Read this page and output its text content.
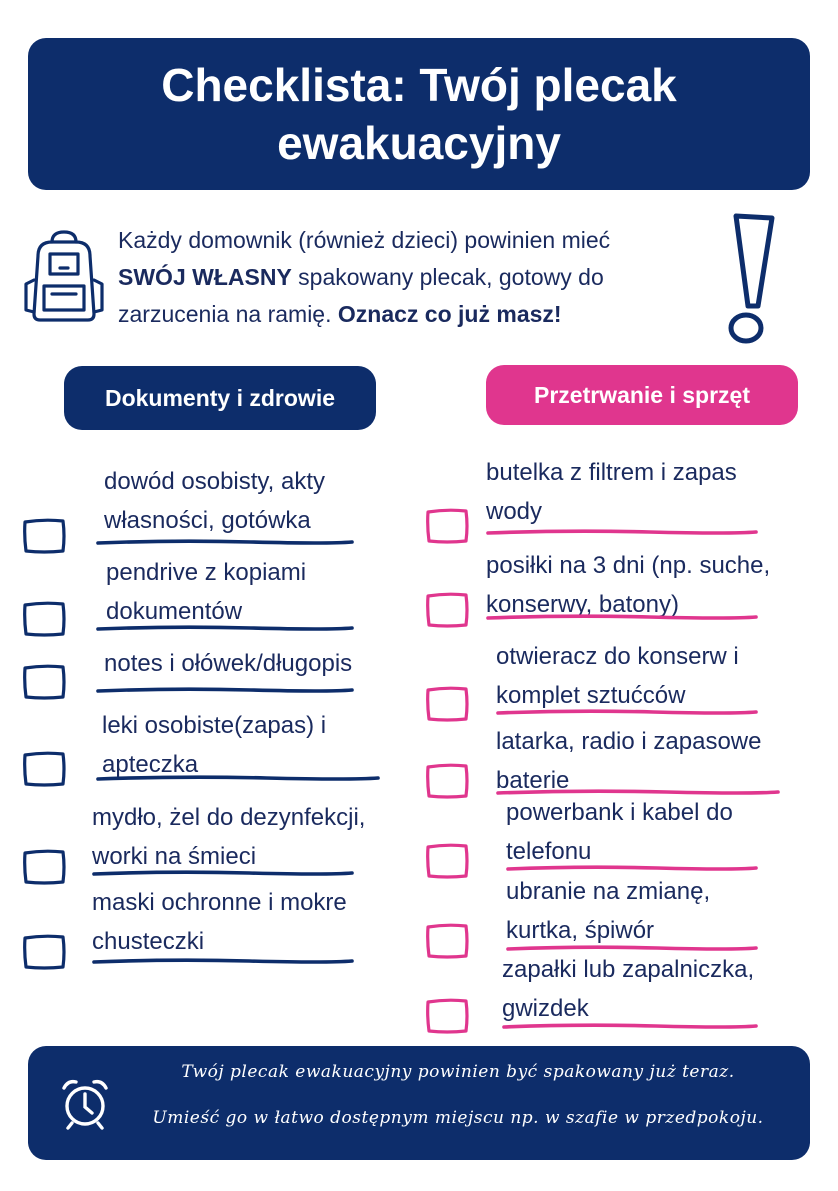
Checklista: Twój plecak
ewakuacyjny
Każdy domownik (również dzieci) powinien mieć
SWÓJ WŁASNY spakowany plecak, gotowy do
zarzucenia na ramię. Oznacz co już masz!
Dokumenty i zdrowie	Przetrwanie i sprzęt
dowód osobisty, akty
własności, gotówka
pendrive z kopiami
dokumentów
notes i ołówek/długopis
leki osobiste(zapas) i
apteczka
mydło, żel do dezynfekcji,
worki na śmieci
maski ochronne i mokre
chusteczki
butelka z filtrem i zapas
wody
posiłki na 3 dni (np. suche,
konserwy, batony)
otwieracz do konserw i
komplet sztućców
latarka, radio i zapasowe
baterie
powerbank i kabel do
telefonu
ubranie na zmianę,
kurtka, śpiwór
zapałki lub zapalniczka,
gwizdek
Twój plecak ewakuacyjny powinien być spakowany już teraz.
Umieść go w łatwo dostępnym miejscu np. w szafie w przedpokoju.
